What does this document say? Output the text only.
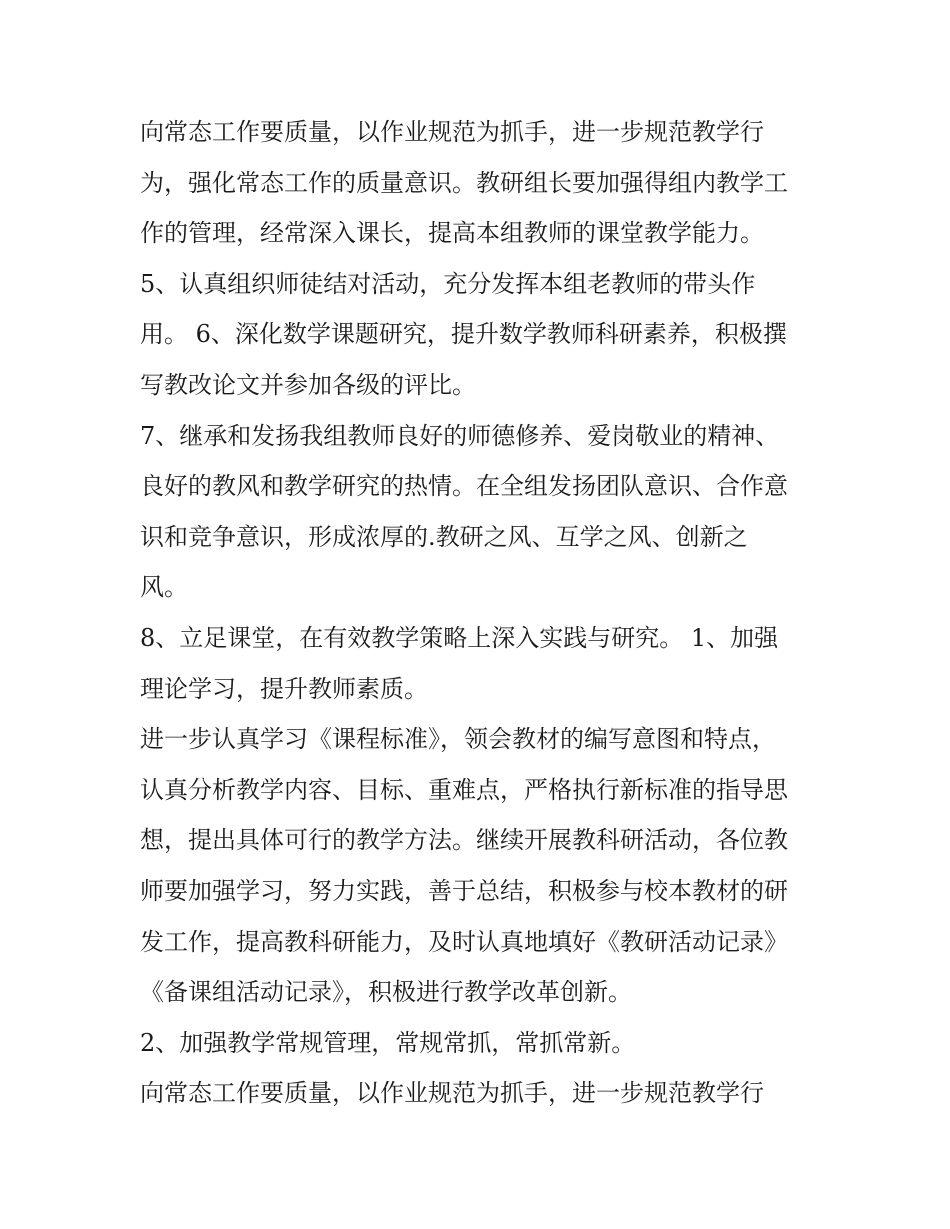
向常态工作要质量，以作业规范为抓手，进一步规范教学行
为，强化常态工作的质量意识。教研组长要加强得组内教学工
作的管理，经常深入课长，提高本组教师的课堂教学能力。
5、认真组织师徒结对活动，充分发挥本组老教师的带头作
用。 6、深化数学课题研究，提升数学教师科研素养，积极撰
写教改论文并参加各级的评比。
7、继承和发扬我组教师良好的师德修养、爱岗敬业的精神、
良好的教风和教学研究的热情。在全组发扬团队意识、合作意
识和竞争意识，形成浓厚的.教研之风、互学之风、创新之
风。
8、立足课堂，在有效教学策略上深入实践与研究。 1、加强
理论学习，提升教师素质。
进一步认真学习《课程标准》，领会教材的编写意图和特点，
认真分析教学内容、目标、重难点，严格执行新标准的指导思
想，提出具体可行的教学方法。继续开展教科研活动，各位教
师要加强学习，努力实践，善于总结，积极参与校本教材的研
发工作，提高教科研能力，及时认真地填好《教研活动记录》
《备课组活动记录》，积极进行教学改革创新。
2、加强教学常规管理，常规常抓，常抓常新。
向常态工作要质量，以作业规范为抓手，进一步规范教学行
